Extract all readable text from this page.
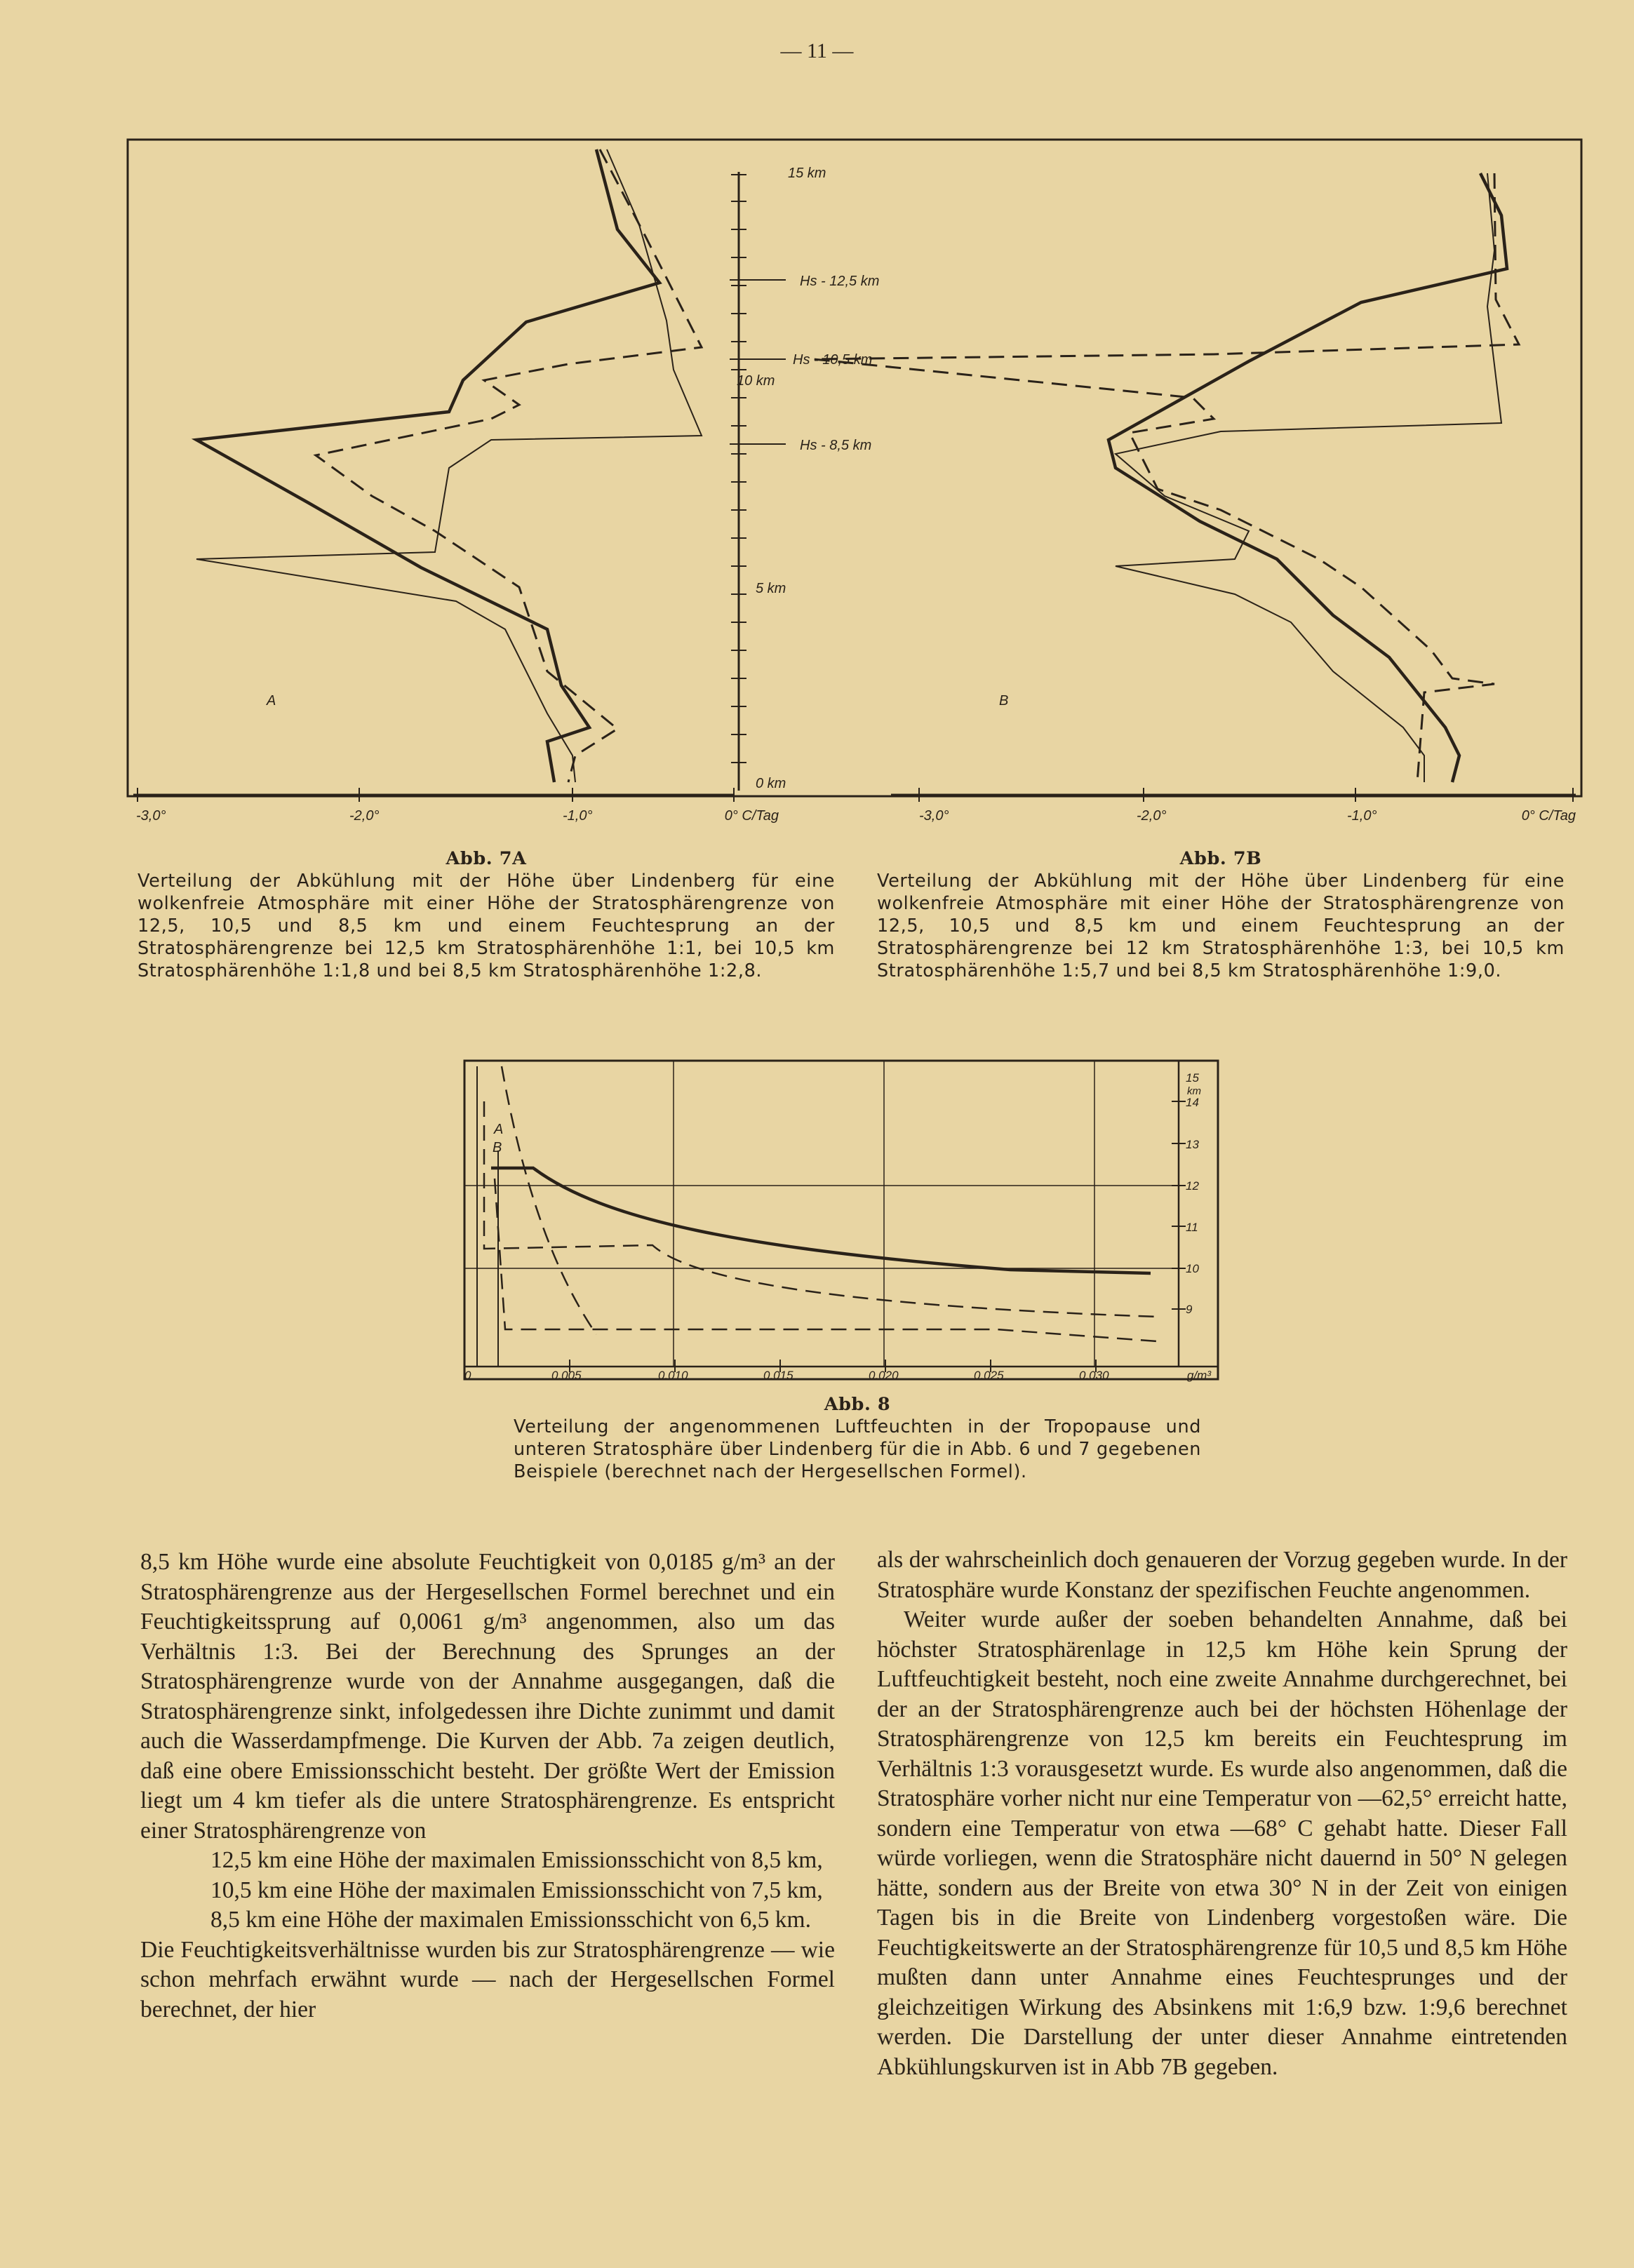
— 11 —
15 km
10 km
5 km
0 km
Hs - 12,5 km
Hs - 10,5 km
Hs - 8,5 km
A	B
-3,0°	-2,0°	-1,0°	0° C/Tag	-3,0°	-2,0°	-1,0°	0° C/Tag
Abb. 7A
Verteilung der Abkühlung mit der Höhe über Lindenberg für eine wolkenfreie Atmosphäre mit einer Höhe der Stratosphärengrenze von 12,5, 10,5 und 8,5 km und einem Feuchtesprung an der Stratosphärengrenze bei 12,5 km Stratosphärenhöhe 1:1, bei 10,5 km Stratosphärenhöhe 1:1,8 und bei 8,5 km Stratosphärenhöhe 1:2,8.
Abb. 7B
Verteilung der Abkühlung mit der Höhe über Lindenberg für eine wolkenfreie Atmosphäre mit einer Höhe der Stratosphärengrenze von 12,5, 10,5 und 8,5 km und einem Feuchtesprung an der Stratosphärengrenze bei 12 km Stratosphärenhöhe 1:3, bei 10,5 km Stratosphärenhöhe 1:5,7 und bei 8,5 km Stratosphärenhöhe 1:9,0.
15
km
14
13
12
11
10
9
A
B
0	0.005	0.010	0.015	0.020	0.025	0.030	g/m³
Abb. 8
Verteilung der angenommenen Luftfeuchten in der Tropopause und unteren Stratosphäre über Lindenberg für die in Abb. 6 und 7 gegebenen Beispiele (berechnet nach der Hergesellschen Formel).

8,5 km Höhe wurde eine absolute Feuchtigkeit von 0,0185 g/m³ an der Stratosphärengrenze aus der Hergesellschen Formel berechnet und ein Feuchtigkeitssprung auf 0,0061 g/m³ angenommen, also um das Verhältnis 1:3. Bei der Berechnung des Sprunges an der Stratosphärengrenze wurde von der Annahme ausgegangen, daß die Stratosphärengrenze sinkt, infolgedessen ihre Dichte zunimmt und damit auch die Wasserdampfmenge. Die Kurven der Abb. 7a zeigen deutlich, daß eine obere Emissionsschicht besteht. Der größte Wert der Emission liegt um 4 km tiefer als die untere Stratosphärengrenze. Es entspricht einer Stratosphärengrenze von

12,5 km eine Höhe der maximalen Emissionsschicht von 8,5 km,
10,5 km eine Höhe der maximalen Emissionsschicht von 7,5 km,
8,5 km eine Höhe der maximalen Emissionsschicht von 6,5 km.

Die Feuchtigkeitsverhältnisse wurden bis zur Stratosphärengrenze — wie schon mehrfach erwähnt wurde — nach der Hergesellschen Formel berechnet, der hier

als der wahrscheinlich doch genaueren der Vorzug gegeben wurde. In der Stratosphäre wurde Konstanz der spezifischen Feuchte angenommen.

Weiter wurde außer der soeben behandelten Annahme, daß bei höchster Stratosphärenlage in 12,5 km Höhe kein Sprung der Luftfeuchtigkeit besteht, noch eine zweite Annahme durchgerechnet, bei der an der Stratosphärengrenze auch bei der höchsten Höhenlage der Stratosphärengrenze von 12,5 km bereits ein Feuchtesprung im Verhältnis 1:3 vorausgesetzt wurde. Es wurde also angenommen, daß die Stratosphäre vorher nicht nur eine Temperatur von —62,5° erreicht hatte, sondern eine Temperatur von etwa —68° C gehabt hatte. Dieser Fall würde vorliegen, wenn die Stratosphäre nicht dauernd in 50° N gelegen hätte, sondern aus der Breite von etwa 30° N in der Zeit von einigen Tagen bis in die Breite von Lindenberg vorgestoßen wäre. Die Feuchtigkeitswerte an der Stratosphärengrenze für 10,5 und 8,5 km Höhe mußten dann unter Annahme eines Feuchtesprunges und der gleichzeitigen Wirkung des Absinkens mit 1:6,9 bzw. 1:9,6 berechnet werden. Die Darstellung der unter dieser Annahme eintretenden Abkühlungskurven ist in Abb 7B gegeben.
